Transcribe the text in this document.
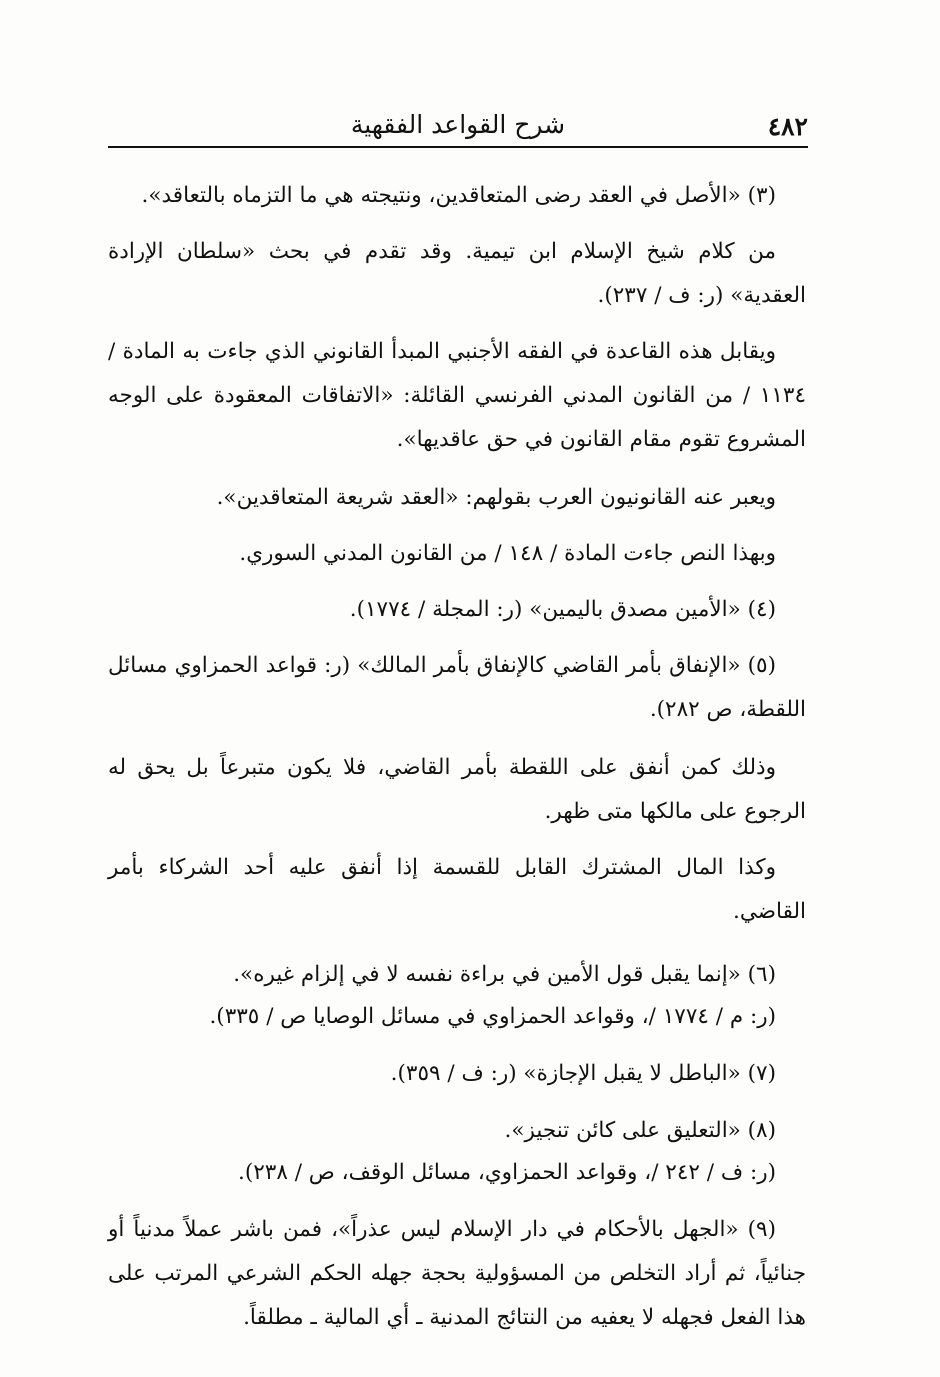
٤٨٢
شرح القواعد الفقهية

(٣) «الأصل في العقد رضى المتعاقدين، ونتيجته هي ما التزماه بالتعاقد».

من كلام شيخ الإسلام ابن تيمية. وقد تقدم في بحث «سلطان الإرادة العقدية» (ر: ف / ٢٣٧).

ويقابل هذه القاعدة في الفقه الأجنبي المبدأ القانوني الذي جاءت به المادة / ١١٣٤ / من القانون المدني الفرنسي القائلة: «الاتفاقات المعقودة على الوجه المشروع تقوم مقام القانون في حق عاقديها».

ويعبر عنه القانونيون العرب بقولهم: «العقد شريعة المتعاقدين».

وبهذا النص جاءت المادة / ١٤٨ / من القانون المدني السوري.

(٤) «الأمين مصدق باليمين» (ر: المجلة / ١٧٧٤).

(٥) «الإنفاق بأمر القاضي كالإنفاق بأمر المالك» (ر: قواعد الحمزاوي مسائل اللقطة، ص ٢٨٢).

وذلك كمن أنفق على اللقطة بأمر القاضي، فلا يكون متبرعاً بل يحق له الرجوع على مالكها متى ظهر.

وكذا المال المشترك القابل للقسمة إذا أنفق عليه أحد الشركاء بأمر القاضي.

(٦) «إنما يقبل قول الأمين في براءة نفسه لا في إلزام غيره».

(ر: م / ١٧٧٤ /، وقواعد الحمزاوي في مسائل الوصايا ص / ٣٣٥).

(٧) «الباطل لا يقبل الإجازة» (ر: ف / ٣٥٩).

(٨) «التعليق على كائن تنجيز».

(ر: ف / ٢٤٢ /، وقواعد الحمزاوي، مسائل الوقف، ص / ٢٣٨).

(٩) «الجهل بالأحكام في دار الإسلام ليس عذراً»، فمن باشر عملاً مدنياً أو جنائياً، ثم أراد التخلص من المسؤولية بحجة جهله الحكم الشرعي المرتب على هذا الفعل فجهله لا يعفيه من النتائج المدنية ـ أي المالية ـ مطلقاً.
